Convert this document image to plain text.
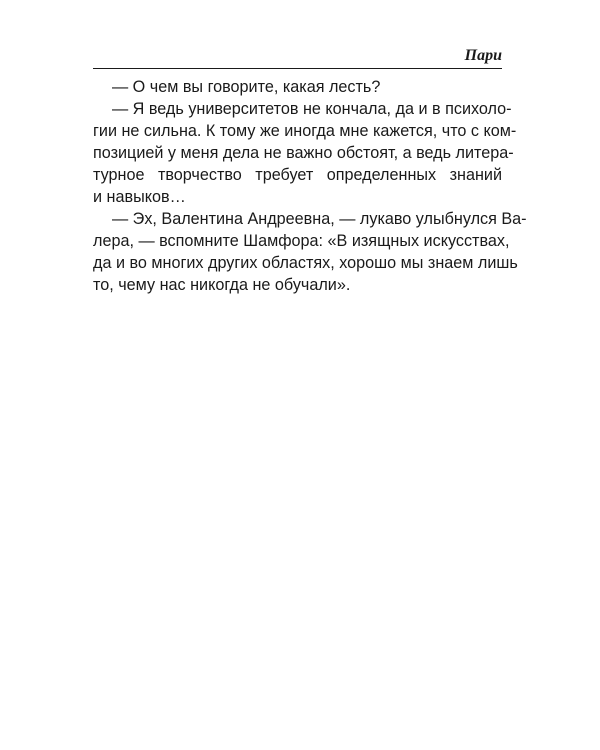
Пари
— О чем вы говорите, какая лесть?
— Я ведь университетов не кончала, да и в психоло-
гии не сильна. К тому же иногда мне кажется, что с ком-
позицией у меня дела не важно обстоят, а ведь литера-
турное творчество требует определенных знаний
и навыков…
— Эх, Валентина Андреевна, — лукаво улыбнулся Ва-
лера, — вспомните Шамфора: «В изящных искусствах,
да и во многих других областях, хорошо мы знаем лишь
то, чему нас никогда не обучали».
